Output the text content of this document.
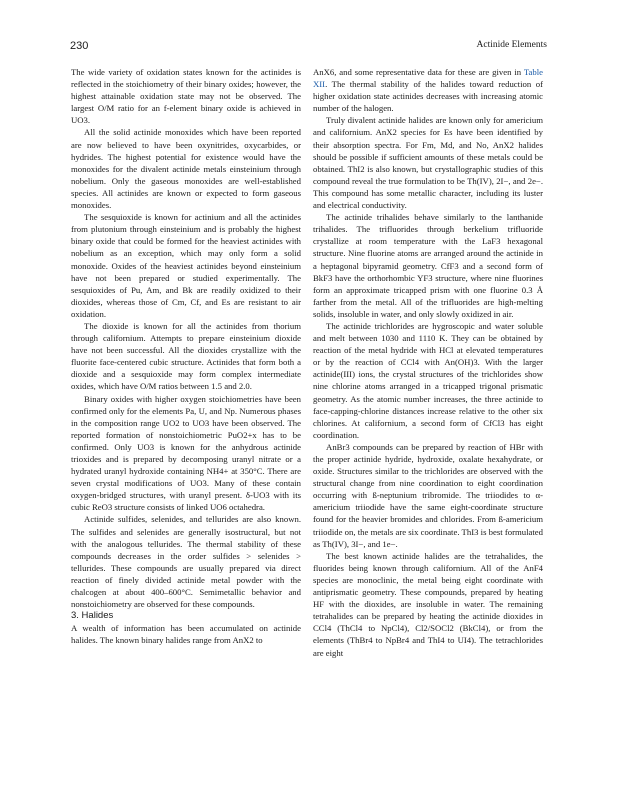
230	Actinide Elements

The wide variety of oxidation states known for the actinides is reflected in the stoichiometry of their binary oxides; however, the highest attainable oxidation state may not be observed. The largest O/M ratio for an f-element binary oxide is achieved in UO3.

All the solid actinide monoxides which have been reported are now believed to have been oxynitrides, oxycarbides, or hydrides. The highest potential for existence would have the monoxides for the divalent actinide metals einsteinium through nobelium. Only the gaseous monoxides are well-established species. All actinides are known or expected to form gaseous monoxides.

The sesquioxide is known for actinium and all the actinides from plutonium through einsteinium and is probably the highest binary oxide that could be formed for the heaviest actinides with nobelium as an exception, which may only form a solid monoxide. Oxides of the heaviest actinides beyond einsteinium have not been prepared or studied experimentally. The sesquioxides of Pu, Am, and Bk are readily oxidized to their dioxides, whereas those of Cm, Cf, and Es are resistant to air oxidation.

The dioxide is known for all the actinides from thorium through californium. Attempts to prepare einsteinium dioxide have not been successful. All the dioxides crystallize with the fluorite face-centered cubic structure. Actinides that form both a dioxide and a sesquioxide may form complex intermediate oxides, which have O/M ratios between 1.5 and 2.0.

Binary oxides with higher oxygen stoichiometries have been confirmed only for the elements Pa, U, and Np. Numerous phases in the composition range UO2 to UO3 have been observed. The reported formation of nonstoichiometric PuO2+x has to be confirmed. Only UO3 is known for the anhydrous actinide trioxides and is prepared by decomposing uranyl nitrate or a hydrated uranyl hydroxide containing NH4+ at 350°C. There are seven crystal modifications of UO3. Many of these contain oxygen-bridged structures, with uranyl present. δ-UO3 with its cubic ReO3 structure consists of linked UO6 octahedra.

Actinide sulfides, selenides, and tellurides are also known. The sulfides and selenides are generally isostructural, but not with the analogous tellurides. The thermal stability of these compounds decreases in the order sulfides > selenides > tellurides. These compounds are usually prepared via direct reaction of finely divided actinide metal powder with the chalcogen at about 400–600°C. Semimetallic behavior and nonstoichiometry are observed for these compounds.

3. Halides

A wealth of information has been accumulated on actinide halides. The known binary halides range from AnX2 to

AnX6, and some representative data for these are given in Table XII. The thermal stability of the halides toward reduction of higher oxidation state actinides decreases with increasing atomic number of the halogen.

Truly divalent actinide halides are known only for americium and californium. AnX2 species for Es have been identified by their absorption spectra. For Fm, Md, and No, AnX2 halides should be possible if sufficient amounts of these metals could be obtained. ThI2 is also known, but crystallographic studies of this compound reveal the true formulation to be Th(IV), 2I−, and 2e−. This compound has some metallic character, including its luster and electrical conductivity.

The actinide trihalides behave similarly to the lanthanide trihalides. The trifluorides through berkelium trifluoride crystallize at room temperature with the LaF3 hexagonal structure. Nine fluorine atoms are arranged around the actinide in a heptagonal bipyramid geometry. CfF3 and a second form of BkF3 have the orthorhombic YF3 structure, where nine fluorines form an approximate tricapped prism with one fluorine 0.3 Å farther from the metal. All of the trifluorides are high-melting solids, insoluble in water, and only slowly oxidized in air.

The actinide trichlorides are hygroscopic and water soluble and melt between 1030 and 1110 K. They can be obtained by reaction of the metal hydride with HCl at elevated temperatures or by the reaction of CCl4 with An(OH)3. With the larger actinide(III) ions, the crystal structures of the trichlorides show nine chlorine atoms arranged in a tricapped trigonal prismatic geometry. As the atomic number increases, the three actinide to face-capping-chlorine distances increase relative to the other six chlorines. At californium, a second form of CfCl3 has eight coordination.

AnBr3 compounds can be prepared by reaction of HBr with the proper actinide hydride, hydroxide, oxalate hexahydrate, or oxide. Structures similar to the trichlorides are observed with the structural change from nine coordination to eight coordination occurring with ß-neptunium tribromide. The triiodides to α-americium triiodide have the same eight-coordinate structure found for the heavier bromides and chlorides. From ß-americium triiodide on, the metals are six coordinate. ThI3 is best formulated as Th(IV), 3I−, and 1e−.

The best known actinide halides are the tetrahalides, the fluorides being known through californium. All of the AnF4 species are monoclinic, the metal being eight coordinate with antiprismatic geometry. These compounds, prepared by heating HF with the dioxides, are insoluble in water. The remaining tetrahalides can be prepared by heating the actinide dioxides in CCl4 (ThCl4 to NpCl4), Cl2/SOCl2 (BkCl4), or from the elements (ThBr4 to NpBr4 and ThI4 to UI4). The tetrachlorides are eight
